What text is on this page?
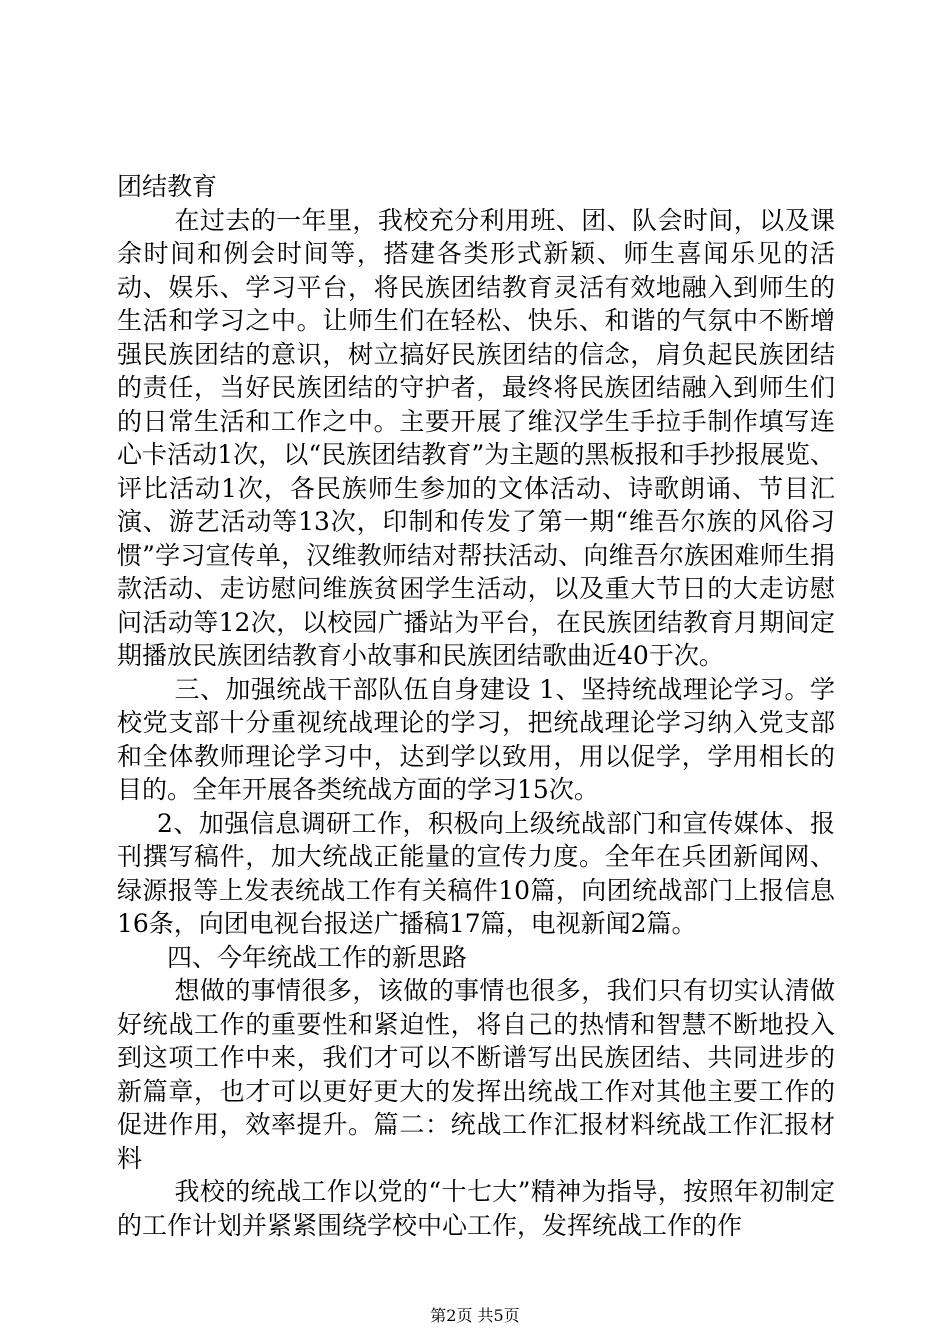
团结教育

在过去的一年里，我校充分利用班、团、队会时间，以及课余时间和例会时间等，搭建各类形式新颖、师生喜闻乐见的活动、娱乐、学习平台，将民族团结教育灵活有效地融入到师生的生活和学习之中。让师生们在轻松、快乐、和谐的气氛中不断增强民族团结的意识，树立搞好民族团结的信念，肩负起民族团结的责任，当好民族团结的守护者，最终将民族团结融入到师生们的日常生活和工作之中。主要开展了维汉学生手拉手制作填写连心卡活动1次，以“民族团结教育”为主题的黑板报和手抄报展览、评比活动1次，各民族师生参加的文体活动、诗歌朗诵、节目汇演、游艺活动等13次，印制和传发了第一期“维吾尔族的风俗习惯”学习宣传单，汉维教师结对帮扶活动、向维吾尔族困难师生捐款活动、走访慰问维族贫困学生活动，以及重大节日的大走访慰问活动等12次，以校园广播站为平台，在民族团结教育月期间定期播放民族团结教育小故事和民族团结歌曲近40于次。

三、加强统战干部队伍自身建设 1、坚持统战理论学习。学校党支部十分重视统战理论的学习，把统战理论学习纳入党支部和全体教师理论学习中，达到学以致用，用以促学，学用相长的目的。全年开展各类统战方面的学习15次。

2、加强信息调研工作，积极向上级统战部门和宣传媒体、报刊撰写稿件，加大统战正能量的宣传力度。全年在兵团新闻网、绿源报等上发表统战工作有关稿件10篇，向团统战部门上报信息16条，向团电视台报送广播稿17篇，电视新闻2篇。

四、今年统战工作的新思路

想做的事情很多，该做的事情也很多，我们只有切实认清做好统战工作的重要性和紧迫性，将自己的热情和智慧不断地投入到这项工作中来，我们才可以不断谱写出民族团结、共同进步的新篇章，也才可以更好更大的发挥出统战工作对其他主要工作的促进作用，效率提升。篇二：统战工作汇报材料统战工作汇报材料

我校的统战工作以党的“十七大”精神为指导，按照年初制定的工作计划并紧紧围绕学校中心工作，发挥统战工作的作

第2页 共5页
